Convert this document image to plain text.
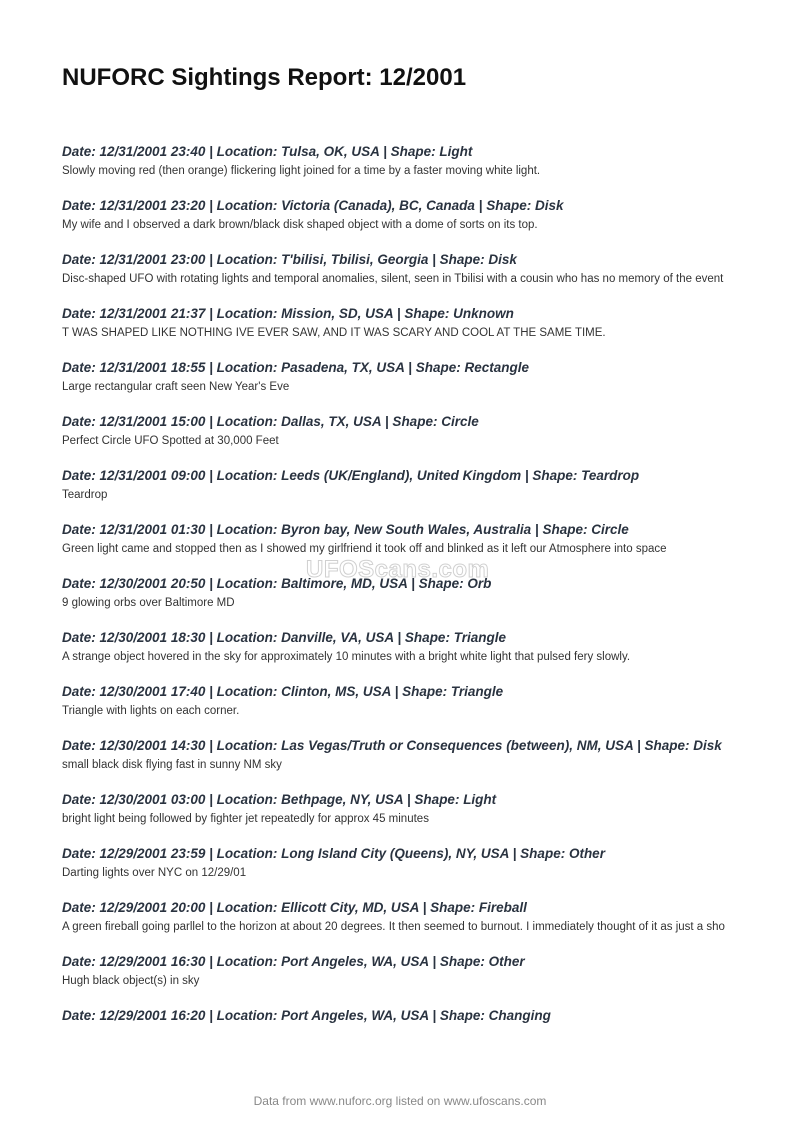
NUFORC Sightings Report: 12/2001
Date: 12/31/2001 23:40 | Location: Tulsa, OK, USA | Shape: Light
Slowly moving red (then orange) flickering light joined for a time by a faster moving white light.
Date: 12/31/2001 23:20 | Location: Victoria (Canada), BC, Canada | Shape: Disk
My wife and I observed a dark brown/black disk shaped object with a dome of sorts on its top.
Date: 12/31/2001 23:00 | Location: T'bilisi, Tbilisi, Georgia | Shape: Disk
Disc-shaped UFO with rotating lights and temporal anomalies, silent, seen in Tbilisi with a cousin who has no memory of the event
Date: 12/31/2001 21:37 | Location: Mission, SD, USA | Shape: Unknown
T WAS SHAPED LIKE NOTHING IVE EVER SAW, AND IT WAS SCARY AND COOL AT THE SAME TIME.
Date: 12/31/2001 18:55 | Location: Pasadena, TX, USA | Shape: Rectangle
Large rectangular craft seen New Year's Eve
Date: 12/31/2001 15:00 | Location: Dallas, TX, USA | Shape: Circle
Perfect Circle UFO Spotted at 30,000 Feet
Date: 12/31/2001 09:00 | Location: Leeds (UK/England), United Kingdom | Shape: Teardrop
Teardrop
Date: 12/31/2001 01:30 | Location: Byron bay, New South Wales, Australia | Shape: Circle
Green light came and stopped then as I showed my girlfriend it took off and blinked as it left our Atmosphere into space
Date: 12/30/2001 20:50 | Location: Baltimore, MD, USA | Shape: Orb
9 glowing orbs over Baltimore MD
Date: 12/30/2001 18:30 | Location: Danville, VA, USA | Shape: Triangle
A strange object hovered in the sky for approximately 10 minutes with a bright white light that pulsed fery slowly.
Date: 12/30/2001 17:40 | Location: Clinton, MS, USA | Shape: Triangle
Triangle with lights on each corner.
Date: 12/30/2001 14:30 | Location: Las Vegas/Truth or Consequences (between), NM, USA | Shape: Disk
small black disk flying fast in sunny NM sky
Date: 12/30/2001 03:00 | Location: Bethpage, NY, USA | Shape: Light
bright light being followed by fighter jet repeatedly for approx 45 minutes
Date: 12/29/2001 23:59 | Location: Long Island City (Queens), NY, USA | Shape: Other
Darting lights over NYC on 12/29/01
Date: 12/29/2001 20:00 | Location: Ellicott City, MD, USA | Shape: Fireball
A green fireball going parllel to the horizon at about 20 degrees. It then seemed to burnout. I immediately thought of it as just a sho
Date: 12/29/2001 16:30 | Location: Port Angeles, WA, USA | Shape: Other
Hugh black object(s) in sky
Date: 12/29/2001 16:20 | Location: Port Angeles, WA, USA | Shape: Changing
UFOScans.com
Data from www.nuforc.org listed on www.ufoscans.com
